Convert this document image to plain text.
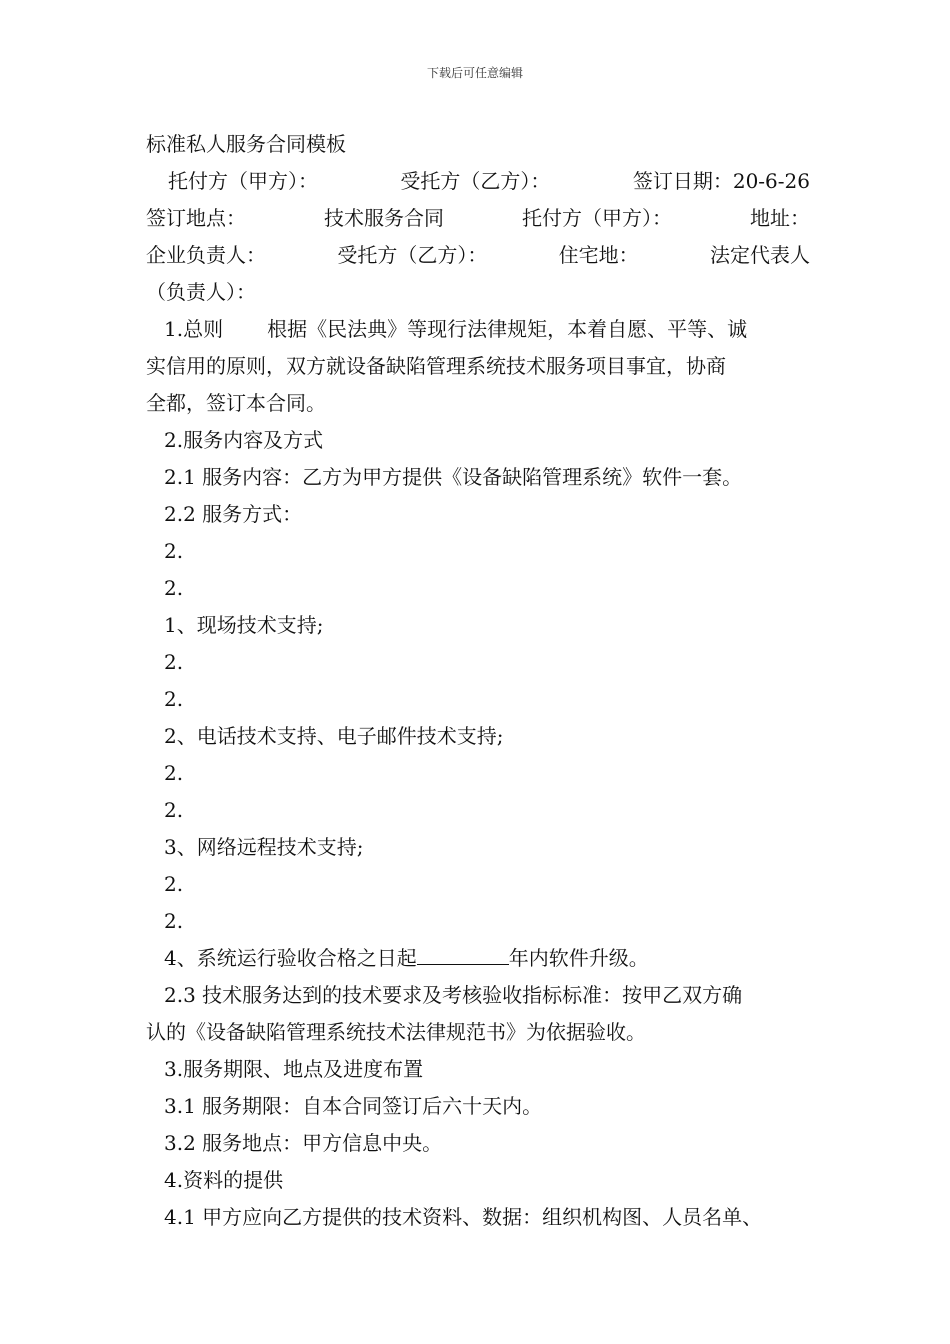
下载后可任意编辑
标准私人服务合同模板
托付方（甲方）：	受托方（乙方）：	签订日期：20-6-26
签订地点：	技术服务合同	托付方（甲方）：	地址：
企业负责人：	受托方（乙方）：	住宅地：	法定代表人
（负责人）：
1.总则 根据《民法典》等现行法律规矩，本着自愿、平等、诚
实信用的原则，双方就设备缺陷管理系统技术服务项目事宜，协商
全都，签订本合同。
2.服务内容及方式
2.1 服务内容：乙方为甲方提供《设备缺陷管理系统》软件一套。
2.2 服务方式：
2.
2.
1、现场技术支持;
2.
2.
2、电话技术支持、电子邮件技术支持;
2.
2.
3、网络远程技术支持;
2.
2.
4、系统运行验收合格之日起	年内软件升级。
2.3 技术服务达到的技术要求及考核验收指标标准：按甲乙双方确
认的《设备缺陷管理系统技术法律规范书》为依据验收。
3.服务期限、地点及进度布置
3.1 服务期限：自本合同签订后六十天内。
3.2 服务地点：甲方信息中央。
4.资料的提供
4.1 甲方应向乙方提供的技术资料、数据：组织机构图、人员名单、
